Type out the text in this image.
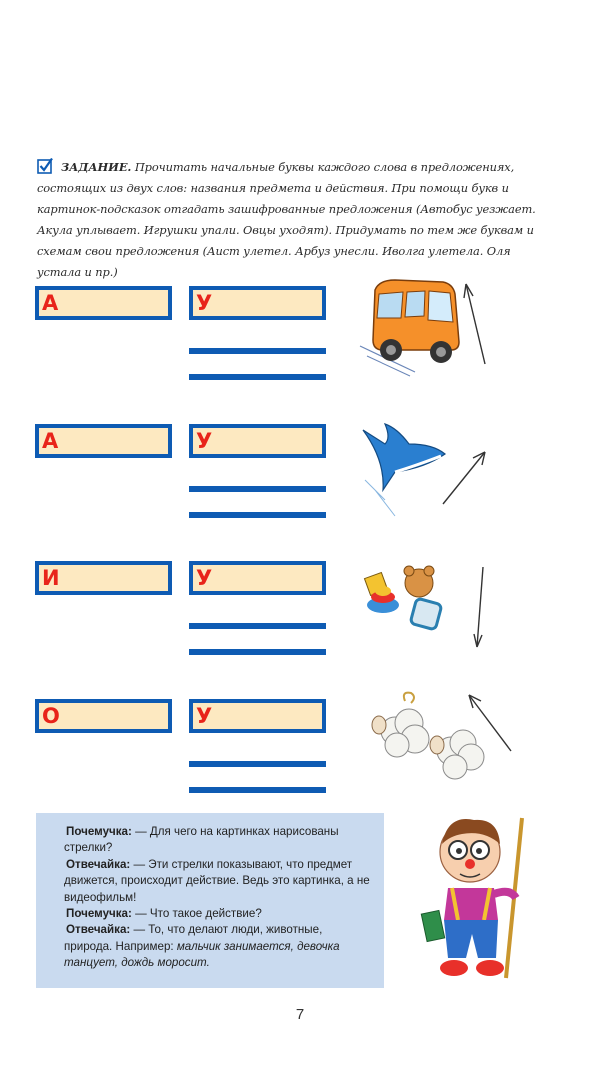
ЗАДАНИЕ. Прочитать начальные буквы каждого слова в предложениях, состоящих из двух слов: названия предмета и действия. При помощи букв и картинок-подсказок отгадать зашифрованные предложения (Автобус уезжает. Акула уплывает. Игрушки упали. Овцы уходят). Придумать по тем же буквам и схемам свои предложения (Аист улетел. Арбуз унесли. Иволга улетела. Оля устала и пр.)
А	У
А	У
И	У
О	У

Почемучка: — Для чего на картинках нарисованы стрелки?

Отвечайка: — Эти стрелки показывают, что предмет движется, происходит действие. Ведь это картинка, а не видеофильм!

Почемучка: — Что такое действие?

Отвечайка: — То, что делают люди, животные, природа. Например: мальчик занимается, девочка танцует, дождь моросит.

7
